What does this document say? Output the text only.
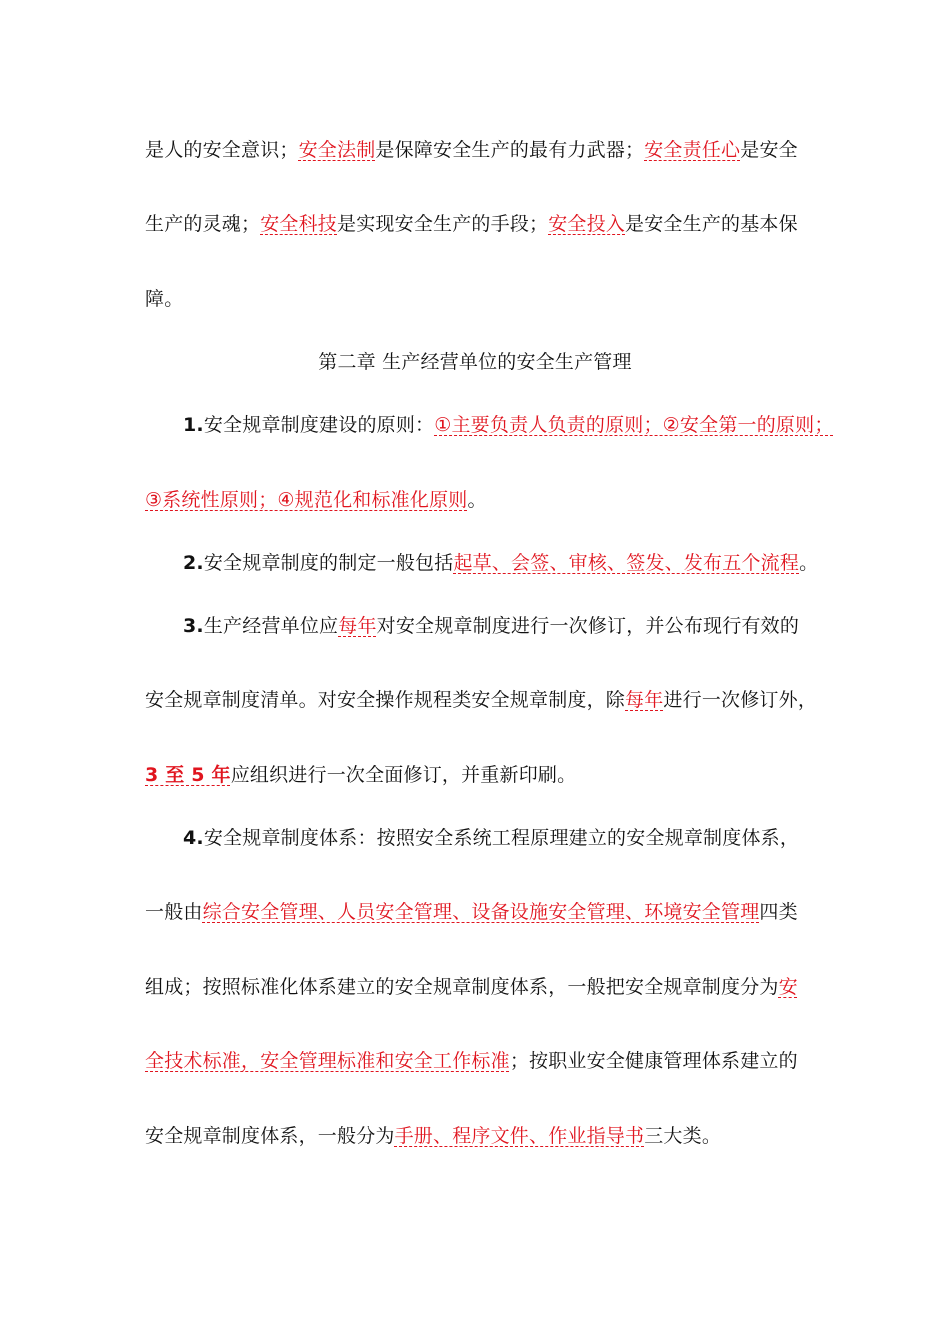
是人的安全意识；安全法制是保障安全生产的最有力武器；安全责任心是安全
生产的灵魂；安全科技是实现安全生产的手段；安全投入是安全生产的基本保
障。
第二章 生产经营单位的安全生产管理
1.安全规章制度建设的原则：①主要负责人负责的原则；②安全第一的原则；
③系统性原则；④规范化和标准化原则。
2.安全规章制度的制定一般包括起草、会签、审核、签发、发布五个流程。
3.生产经营单位应每年对安全规章制度进行一次修订，并公布现行有效的
安全规章制度清单。对安全操作规程类安全规章制度，除每年进行一次修订外，
3 至 5 年应组织进行一次全面修订，并重新印刷。
4.安全规章制度体系：按照安全系统工程原理建立的安全规章制度体系，
一般由综合安全管理、人员安全管理、设备设施安全管理、环境安全管理四类
组成；按照标准化体系建立的安全规章制度体系，一般把安全规章制度分为安
全技术标准，安全管理标准和安全工作标准；按职业安全健康管理体系建立的
安全规章制度体系，一般分为手册、程序文件、作业指导书三大类。
